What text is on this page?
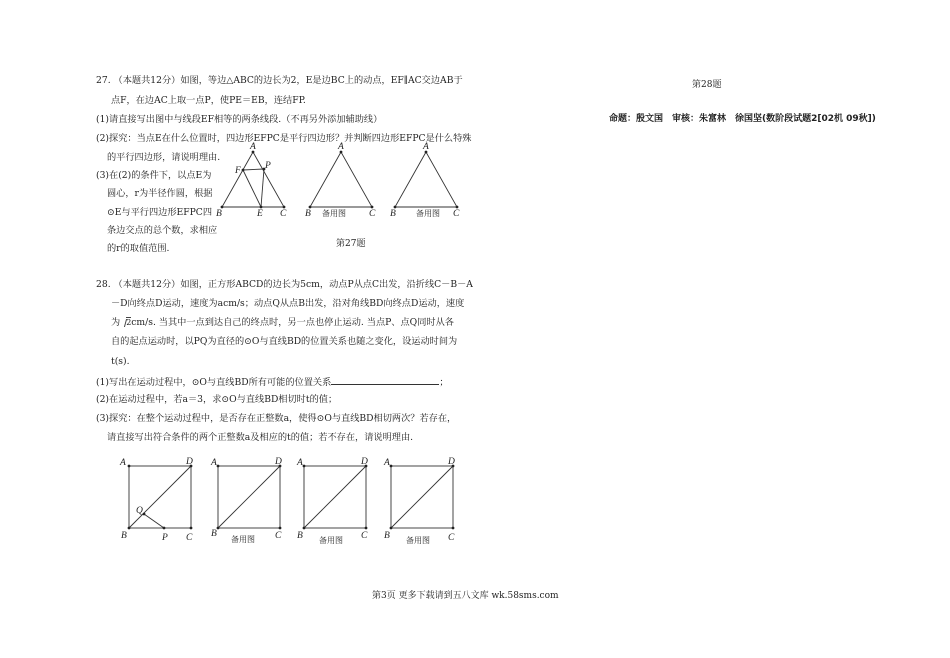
27. （本题共12分）如图，等边△ABC的边长为2，E是边BC上的动点，EF∥AC交边AB于
点F，在边AC上取一点P，使PE＝EB，连结FP.
(1)请直接写出图中与线段EF相等的两条线段.（不再另外添加辅助线）
(2)探究：当点E在什么位置时，四边形EFPC是平行四边形？并判断四边形EFPC是什么特殊
的平行四边形，请说明理由.
(3)在(2)的条件下，以点E为
圆心，r为半径作圆，根据
⊙E与平行四边形EFPC四
条边交点的总个数，求相应
的r的取值范围.
A
B	C
E
F	P
A
B	C
备用图
A
B	C
备用图
第27题
28. （本题共12分）如图，正方形ABCD的边长为5cm，动点P从点C出发，沿折线C－B－A
－D向终点D运动，速度为acm/s；动点Q从点B出发，沿对角线BD向终点D运动，速度
为 2cm/s. 当其中一点到达自己的终点时，另一点也停止运动. 当点P、点Q同时从各
自的起点运动时，以PQ为直径的⊙O与直线BD的位置关系也随之变化，设运动时间为
t(s).
(1)写出在运动过程中，⊙O与直线BD所有可能的位置关系	；
(2)在运动过程中，若a＝3，求⊙O与直线BD相切时t的值；
(3)探究：在整个运动过程中，是否存在正整数a，使得⊙O与直线BD相切两次？若存在，
请直接写出符合条件的两个正整数a及相应的t的值；若不存在，请说明理由.
A	D
B	C
Q
P
A	D
B	C
备用图
A	D
B	C
备用图
A	D
B	C
备用图
第28题
命题：殷文国　审核：朱富林　徐国坚(数阶段试题2[02机 09秋])
第3页 更多下载请到五八文库 wk.58sms.com
